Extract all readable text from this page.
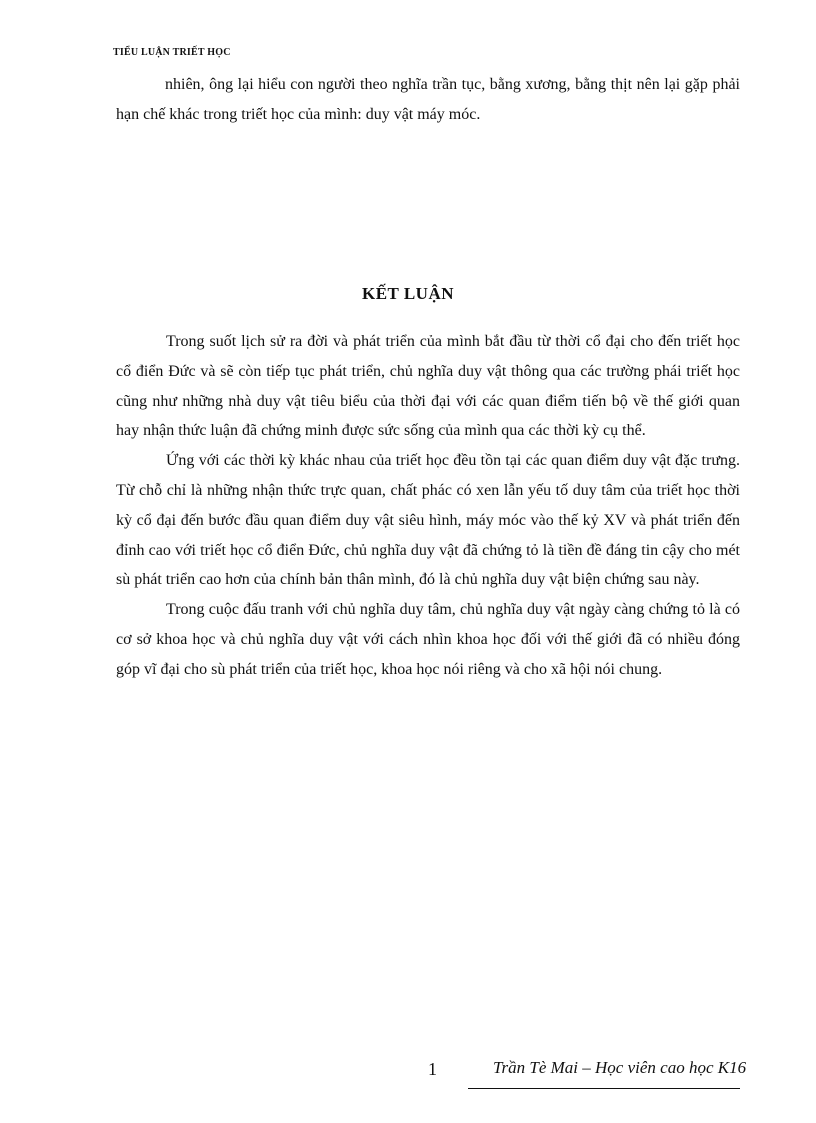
TIỂU LUẬN TRIẾT HỌC

nhiên, ông lại hiểu con người theo nghĩa trần tục, bằng xương, bằng thịt nên lại gặp phải hạn chế khác trong triết học của mình: duy vật máy móc.

KẾT LUẬN

Trong suốt lịch sử ra đời và phát triển của mình bắt đầu từ thời cổ đại cho đến triết học cổ điển Đức và sẽ còn tiếp tục phát triển, chủ nghĩa duy vật thông qua các trường phái triết học cũng như những nhà duy vật tiêu biểu của thời đại với các quan điểm tiến bộ về thế giới quan hay nhận thức luận đã chứng minh được sức sống của mình qua các thời kỳ cụ thể.

Ứng với các thời kỳ khác nhau của triết học đều tồn tại các quan điểm duy vật đặc trưng. Từ chỗ chỉ là những nhận thức trực quan, chất phác có xen lẫn yếu tố duy tâm của triết học thời kỳ cổ đại đến bước đầu quan điểm duy vật siêu hình, máy móc vào thế kỷ XV và phát triển đến đỉnh cao với triết học cổ điển Đức, chủ nghĩa duy vật đã chứng tỏ là tiền đề đáng tin cậy cho mét sù phát triển cao hơn của chính bản thân mình, đó là chủ nghĩa duy vật biện chứng sau này.

Trong cuộc đấu tranh với chủ nghĩa duy tâm, chủ nghĩa duy vật ngày càng chứng tỏ là có cơ sở khoa học và chủ nghĩa duy vật với cách nhìn khoa học đối với thế giới đã có nhiều đóng góp vĩ đại cho sù phát triển của triết học, khoa học nói riêng và cho xã hội nói chung.

1	Trần Tè Mai – Học viên cao học K16
